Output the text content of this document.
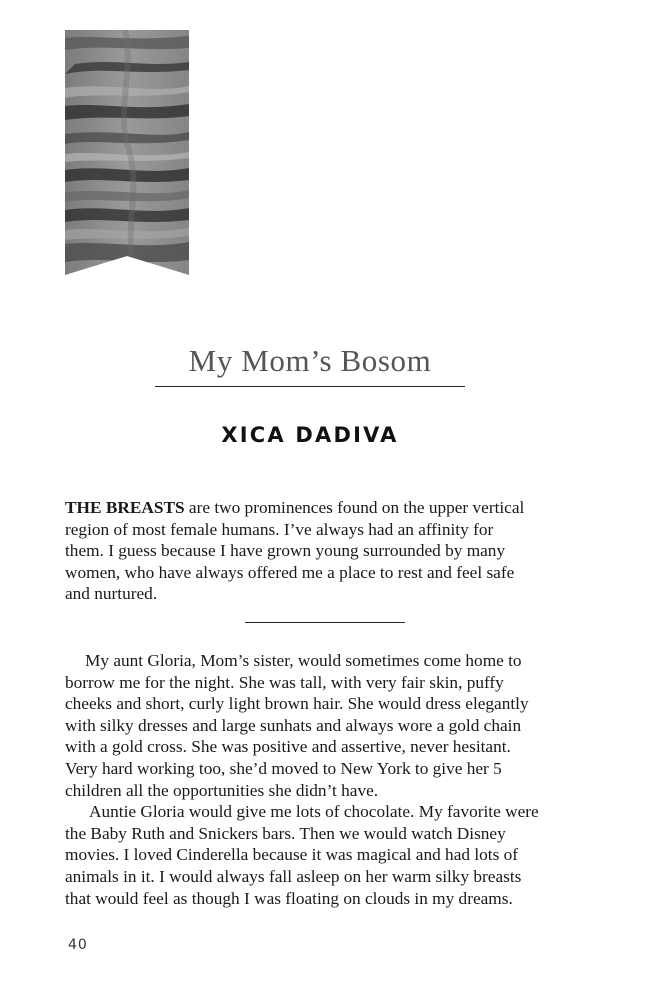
My Mom’s Bosom
XICA DADIVA

THE BREASTS are two prominences found on the upper vertical
region of most female humans. I’ve always had an affinity for
them. I guess because I have grown young surrounded by many
women, who have always offered me a place to rest and feel safe
and nurtured.

My aunt Gloria, Mom’s sister, would sometimes come home to
borrow me for the night. She was tall, with very fair skin, puffy
cheeks and short, curly light brown hair. She would dress elegantly
with silky dresses and large sunhats and always wore a gold chain
with a gold cross. She was positive and assertive, never hesitant.
Very hard working too, she’d moved to New York to give her 5
children all the opportunities she didn’t have.
Auntie Gloria would give me lots of chocolate. My favorite were
the Baby Ruth and Snickers bars. Then we would watch Disney
movies. I loved Cinderella because it was magical and had lots of
animals in it. I would always fall asleep on her warm silky breasts
that would feel as though I was floating on clouds in my dreams.
40
